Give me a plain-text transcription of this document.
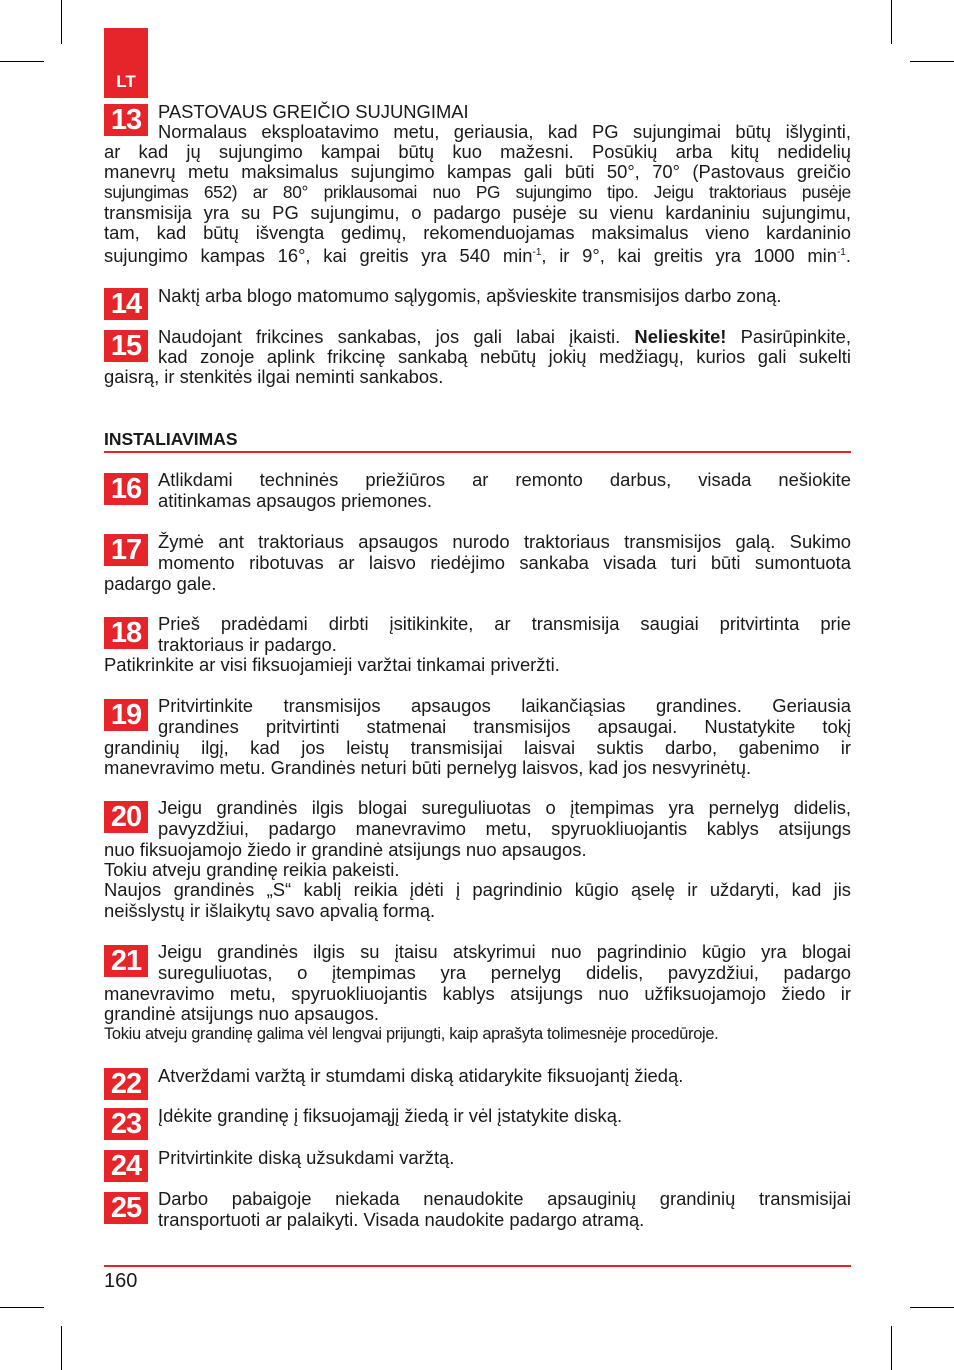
LT
13 PASTOVAUS GREIČIO SUJUNGIMAI
Normalaus eksploatavimo metu, geriausia, kad PG sujungimai būtų išlyginti,
ar kad jų sujungimo kampai būtų kuo mažesni. Posūkių arba kitų nedidelių
manevrų metu maksimalus sujungimo kampas gali būti 50°, 70° (Pastovaus greičio
sujungimas 652) ar 80° priklausomai nuo PG sujungimo tipo. Jeigu traktoriaus pusėje
transmisija yra su PG sujungimu, o padargo pusėje su vienu kardaniniu sujungimu,
tam, kad būtų išvengta gedimų, rekomenduojamas maksimalus vieno kardaninio
sujungimo kampas 16°, kai greitis yra 540 $\min^{-1}$, ir 9°, kai greitis yra 1000 $\min^{-1}$.
14 Naktį arba blogo matomumo sąlygomis, apšvieskite transmisijos darbo zoną.
15 Naudojant frikcines sankabas, jos gali labai įkaisti. Nelieskite! Pasirūpinkite,
kad zonoje aplink frikcinę sankabą nebūtų jokių medžiagų, kurios gali sukelti
gaisrą, ir stenkitės ilgai neminti sankabos.
INSTALIAVIMAS
16 Atlikdami techninės priežiūros ar remonto darbus, visada nešiokite
atitinkamas apsaugos priemones.
17 Žymė ant traktoriaus apsaugos nurodo traktoriaus transmisijos galą. Sukimo
momento ribotuvas ar laisvo riedėjimo sankaba visada turi būti sumontuota
padargo gale.
18 Prieš pradėdami dirbti įsitikinkite, ar transmisija saugiai pritvirtinta prie
traktoriaus ir padargo.
Patikrinkite ar visi fiksuojamieji varžtai tinkamai priveržti.
19 Pritvirtinkite transmisijos apsaugos laikančiąsias grandines. Geriausia
grandines pritvirtinti statmenai transmisijos apsaugai. Nustatykite tokį
grandinių ilgį, kad jos leistų transmisijai laisvai suktis darbo, gabenimo ir
manevravimo metu. Grandinės neturi būti pernelyg laisvos, kad jos nesvyrinėtų.
20 Jeigu grandinės ilgis blogai sureguliuotas o įtempimas yra pernelyg didelis,
pavyzdžiui, padargo manevravimo metu, spyruokliuojantis kablys atsijungs
nuo fiksuojamojo žiedo ir grandinė atsijungs nuo apsaugos.
Tokiu atveju grandinę reikia pakeisti.
Naujos grandinės „S“ kablį reikia įdėti į pagrindinio kūgio ąselę ir uždaryti, kad jis
neišslystų ir išlaikytų savo apvalią formą.
21 Jeigu grandinės ilgis su įtaisu atskyrimui nuo pagrindinio kūgio yra blogai
sureguliuotas, o įtempimas yra pernelyg didelis, pavyzdžiui, padargo
manevravimo metu, spyruokliuojantis kablys atsijungs nuo užfiksuojamojo žiedo ir
grandinė atsijungs nuo apsaugos.
Tokiu atveju grandinę galima vėl lengvai prijungti, kaip aprašyta tolimesnėje procedūroje.
22 Atverždami varžtą ir stumdami diską atidarykite fiksuojantį žiedą.
23 Įdėkite grandinę į fiksuojamąjį žiedą ir vėl įstatykite diską.
24 Pritvirtinkite diską užsukdami varžtą.
25 Darbo pabaigoje niekada nenaudokite apsauginių grandinių transmisijai
transportuoti ar palaikyti. Visada naudokite padargo atramą.
160
